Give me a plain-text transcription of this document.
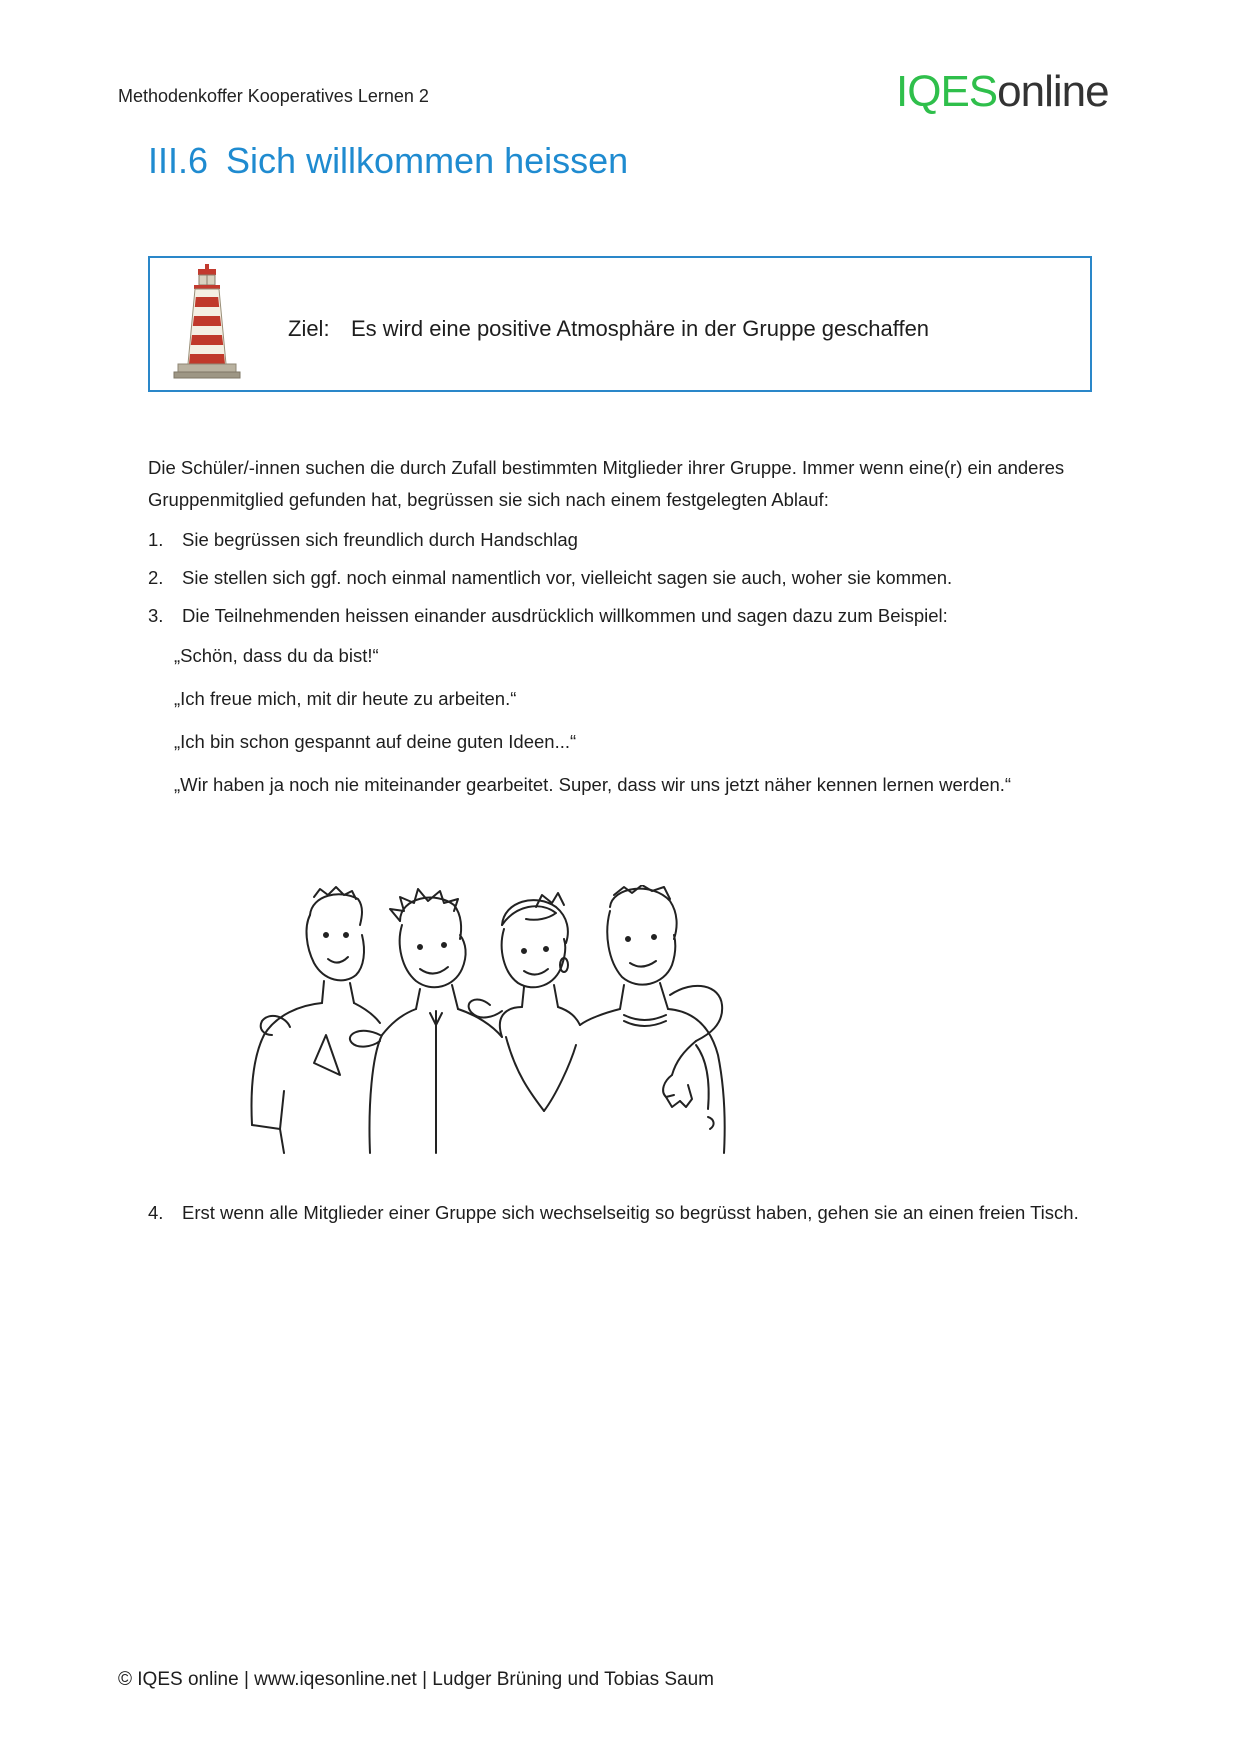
Methodenkoffer Kooperatives Lernen 2	IQESonline
III.6 Sich willkommen heissen
Ziel: Es wird eine positive Atmosphäre in der Gruppe geschaffen

Die Schüler/-innen suchen die durch Zufall bestimmten Mitglieder ihrer Gruppe. Immer wenn eine(r) ein anderes Gruppenmitglied gefunden hat, begrüssen sie sich nach einem festgelegten Ablauf:

1. Sie begrüssen sich freundlich durch Handschlag
2. Sie stellen sich ggf. noch einmal namentlich vor, vielleicht sagen sie auch, woher sie kommen.
3. Die Teilnehmenden heissen einander ausdrücklich willkommen und sagen dazu zum Beispiel:
„Schön, dass du da bist!“
„Ich freue mich, mit dir heute zu arbeiten.“
„Ich bin schon gespannt auf deine guten Ideen...“
„Wir haben ja noch nie miteinander gearbeitet. Super, dass wir uns jetzt näher kennen lernen werden.“
4. Erst wenn alle Mitglieder einer Gruppe sich wechselseitig so begrüsst haben, gehen sie an einen freien Tisch.
© IQES online | www.iqesonline.net | Ludger Brüning und Tobias Saum
